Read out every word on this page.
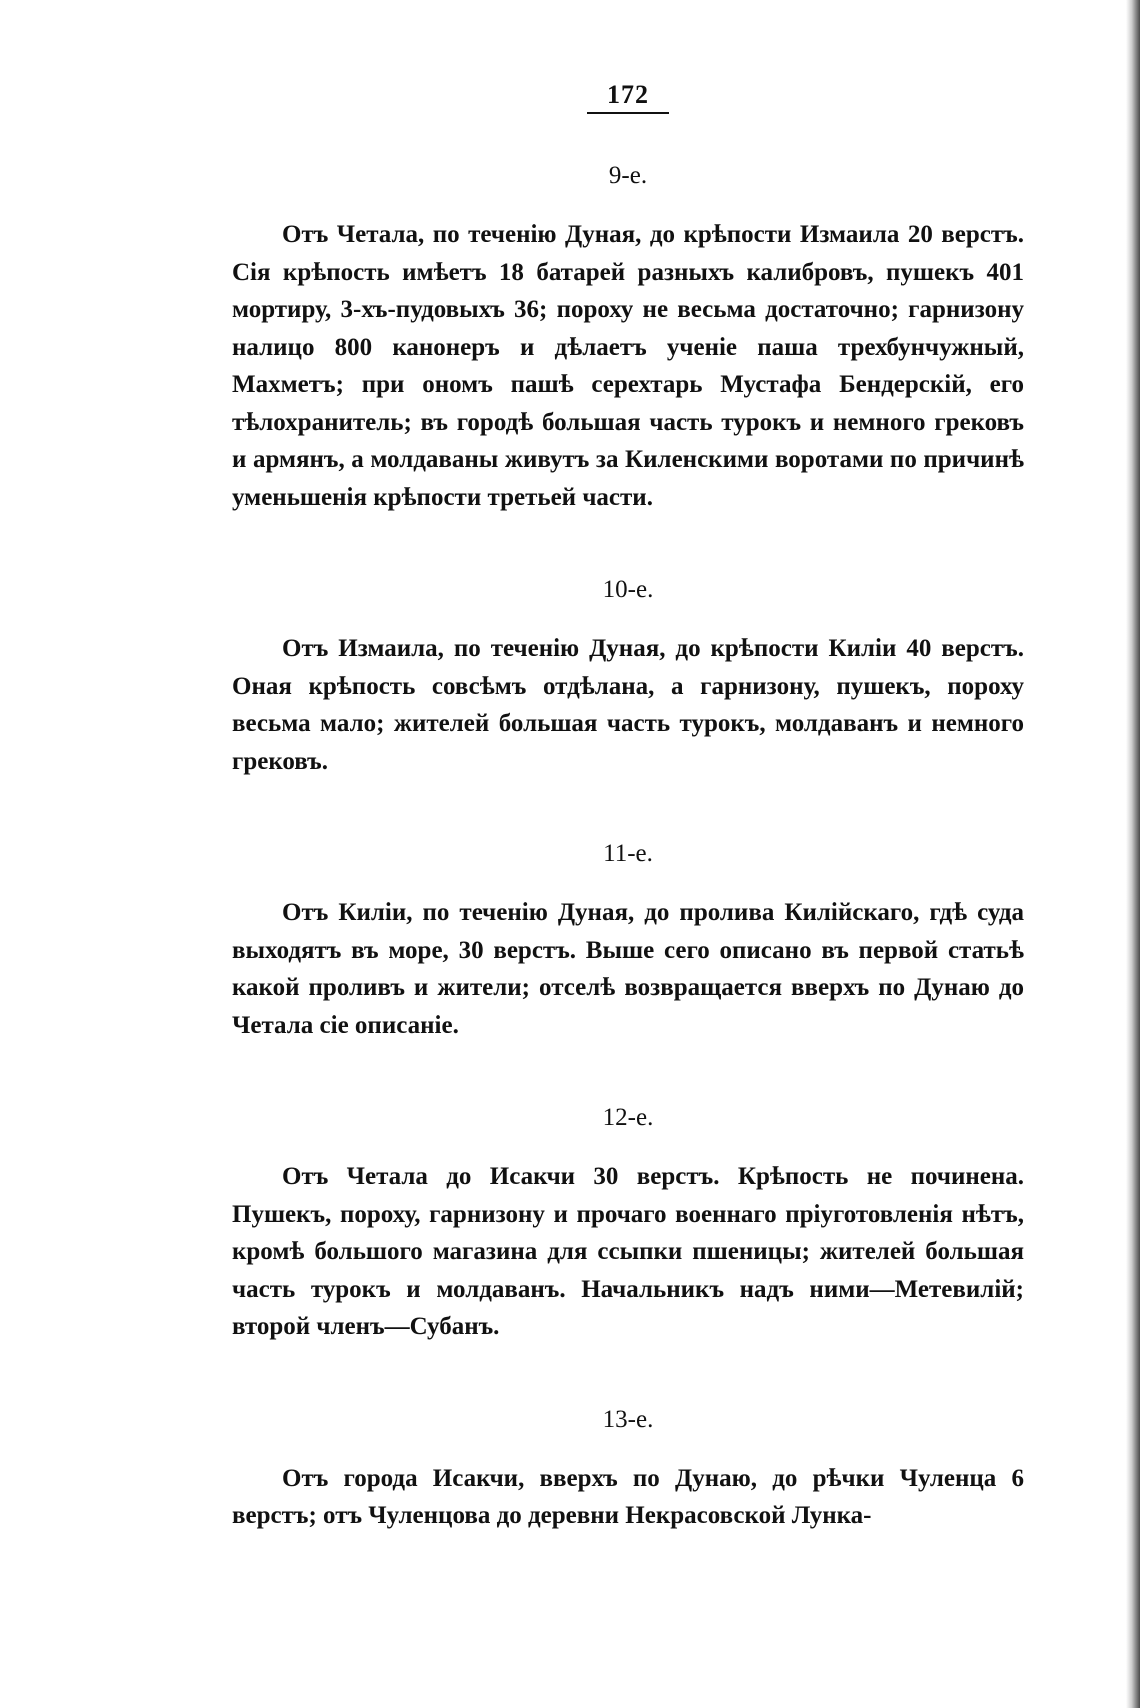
172
9-е.

Отъ Четала, по теченію Дуная, до крѣпости Измаила 20 верстъ. Сія крѣпость имѣетъ 18 батарей разныхъ калибровъ, пушекъ 401 мортиру, 3-хъ-пудовыхъ 36; пороху не весьма достаточно; гарнизону налицо 800 канонеръ и дѣлаетъ ученіе паша трехбунчужный, Махметъ; при ономъ пашѣ серехтарь Мустафа Бендерскій, его тѣлохранитель; въ городѣ большая часть турокъ и немного грековъ и армянъ, а молдаваны живутъ за Киленскими воротами по причинѣ уменьшенія крѣпости третьей части.

10-е.

Отъ Измаила, по теченію Дуная, до крѣпости Киліи 40 верстъ. Оная крѣпость совсѣмъ отдѣлана, а гарнизону, пушекъ, пороху весьма мало; жителей большая часть турокъ, молдаванъ и немного грековъ.

11-е.

Отъ Киліи, по теченію Дуная, до пролива Килійскаго, гдѣ суда выходятъ въ море, 30 верстъ. Выше сего описано въ первой статьѣ какой проливъ и жители; отселѣ возвращается вверхъ по Дунаю до Четала сіе описаніе.

12-е.

Отъ Четала до Исакчи 30 верстъ. Крѣпость не починена. Пушекъ, пороху, гарнизону и прочаго военнаго пріуготовленія нѣтъ, кромѣ большого магазина для ссыпки пшеницы; жителей большая часть турокъ и молдаванъ. Начальникъ надъ ними—Метевилій; второй членъ—Субанъ.

13-е.

Отъ города Исакчи, вверхъ по Дунаю, до рѣчки Чуленца 6 верстъ; отъ Чуленцова до деревни Некрасовской Лунка-
